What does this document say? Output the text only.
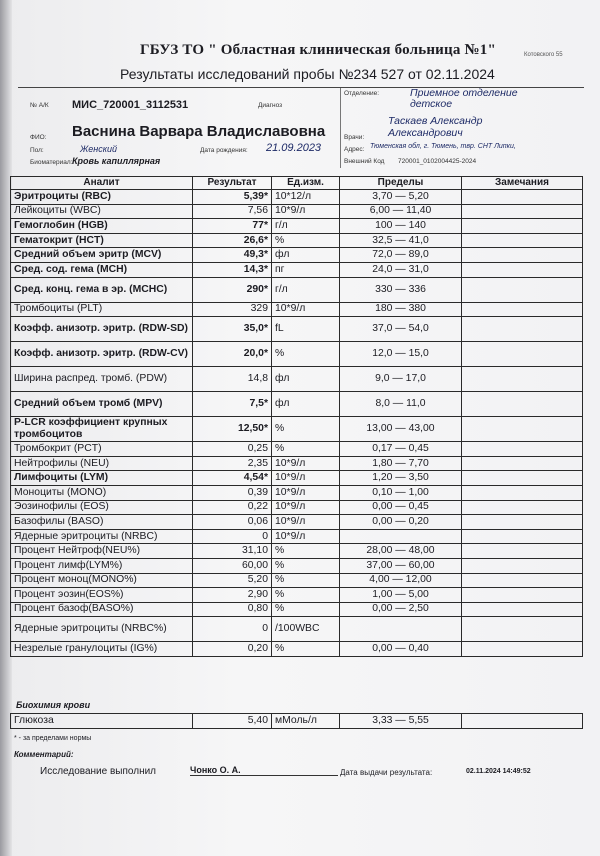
ГБУЗ ТО " Областная клиническая больница №1"	Котовского 55
Результаты исследований пробы №234 527 от 02.11.2024
№ А/К МИС_720001_3112531	Диагноз
ФИО: Васнина Варвара Владиславовна
Пол:	Женский	Дата рождения: 21.09.2023
Биоматериал: Кровь капиллярная
Отделение:	Приемное отделение детское
Врачи:
Таскаев Александр Александрович
Адрес: Тюменская обл, г. Тюмень, твр. СНТ Липки,
Внешний Код 720001_0102004425-2024
Аналит	Результат	Ед.изм.	Пределы	Замечания
Эритроциты (RBC)	5,39*	10*12/л	3,70 — 5,20	
Лейкоциты (WBC)	7,56	10*9/л	6,00 — 11,40	
Гемоглобин (HGB)	77*	г/л	100 — 140	
Гематокрит (HCT)	26,6*	%	32,5 — 41,0	
Средний объем эритр (MCV)	49,3*	фл	72,0 — 89,0	
Сред. сод. гема (MCH)	14,3*	пг	24,0 — 31,0	
Сред. конц. гема в эр. (MCHC)	290*	г/л	330 — 336	
Тромбоциты (PLT)	329	10*9/л	180 — 380	
Коэфф. анизотр. эритр. (RDW-SD)	35,0*	fL	37,0 — 54,0	
Коэфф. анизотр. эритр. (RDW-CV)	20,0*	%	12,0 — 15,0	
Ширина распред. тромб. (PDW)	14,8	фл	9,0 — 17,0	
Средний объем тромб (MPV)	7,5*	фл	8,0 — 11,0	
P-LCR коэффициент крупных тромбоцитов	12,50*	%	13,00 — 43,00	
Тромбокрит (PCT)	0,25	%	0,17 — 0,45	
Нейтрофилы (NEU)	2,35	10*9/л	1,80 — 7,70	
Лимфоциты (LYM)	4,54*	10*9/л	1,20 — 3,50	
Моноциты (MONO)	0,39	10*9/л	0,10 — 1,00	
Эозинофилы (EOS)	0,22	10*9/л	0,00 — 0,45	
Базофилы (BASO)	0,06	10*9/л	0,00 — 0,20	
Ядерные эритроциты (NRBC)	0	10*9/л		
Процент Нейтроф(NEU%)	31,10	%	28,00 — 48,00	
Процент лимф(LYM%)	60,00	%	37,00 — 60,00	
Процент моноц(MONO%)	5,20	%	4,00 — 12,00	
Процент эозин(EOS%)	2,90	%	1,00 — 5,00	
Процент базоф(BASO%)	0,80	%	0,00 — 2,50	
Ядерные эритроциты (NRBC%)	0	/100WBC		
Незрелые гранулоциты (IG%)	0,20	%	0,00 — 0,40	
Биохимия крови
Глюкоза	5,40	мМоль/л	3,33 — 5,55	
* - за пределами нормы
Комментарий:
Исследование выполнил	Чонко О. А.	Дата выдачи результата:	02.11.2024 14:49:52
